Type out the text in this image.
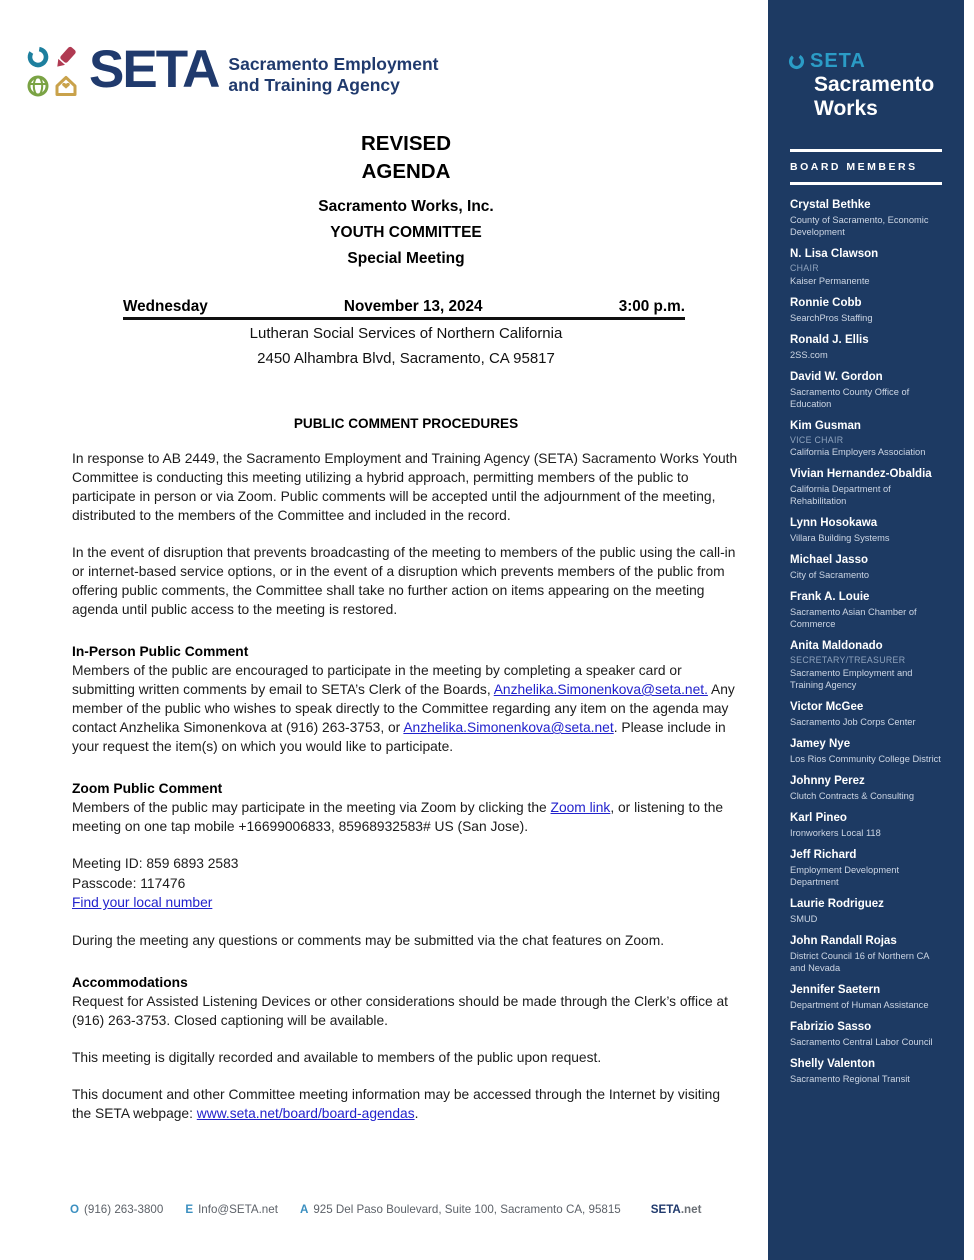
SETA Sacramento Employment
and Training Agency
REVISED
AGENDA
Sacramento Works, Inc.
YOUTH COMMITTEE
Special Meeting
Wednesday	November 13, 2024	3:00 p.m.
Lutheran Social Services of Northern California
2450 Alhambra Blvd, Sacramento, CA 95817
PUBLIC COMMENT PROCEDURES
In response to AB 2449, the Sacramento Employment and Training Agency (SETA) Sacramento Works Youth Committee is conducting this meeting utilizing a hybrid approach, permitting members of the public to participate in person or via Zoom. Public comments will be accepted until the adjournment of the meeting, distributed to the members of the Committee and included in the record.
In the event of disruption that prevents broadcasting of the meeting to members of the public using the call-in or internet-based service options, or in the event of a disruption which prevents members of the public from offering public comments, the Committee shall take no further action on items appearing on the meeting agenda until public access to the meeting is restored.
In-Person Public Comment
Members of the public are encouraged to participate in the meeting by completing a speaker card or submitting written comments by email to SETA’s Clerk of the Boards, Anzhelika.Simonenkova@seta.net. Any member of the public who wishes to speak directly to the Committee regarding any item on the agenda may contact Anzhelika Simonenkova at (916) 263-3753, or Anzhelika.Simonenkova@seta.net. Please include in your request the item(s) on which you would like to participate.
Zoom Public Comment
Members of the public may participate in the meeting via Zoom by clicking the Zoom link, or listening to the meeting on one tap mobile +16699006833, 85968932583# US (San Jose).
Meeting ID: 859 6893 2583
Passcode: 117476
Find your local number
During the meeting any questions or comments may be submitted via the chat features on Zoom.
Accommodations
Request for Assisted Listening Devices or other considerations should be made through the Clerk’s office at (916) 263-3753. Closed captioning will be available.
This meeting is digitally recorded and available to members of the public upon request.
This document and other Committee meeting information may be accessed through the Internet by visiting the SETA webpage: www.seta.net/board/board-agendas.
O (916) 263-3800 E Info@SETA.net A 925 Del Paso Boulevard, Suite 100, Sacramento CA, 95815	SETA.net
SETA
Sacramento
Works
BOARD MEMBERS
Crystal Bethke
County of Sacramento, Economic Development
N. Lisa Clawson
CHAIR
Kaiser Permanente
Ronnie Cobb
SearchPros Staffing
Ronald J. Ellis
2SS.com
David W. Gordon
Sacramento County Office of Education
Kim Gusman
VICE CHAIR
California Employers Association
Vivian Hernandez-Obaldia
California Department of Rehabilitation
Lynn Hosokawa
Villara Building Systems
Michael Jasso
City of Sacramento
Frank A. Louie
Sacramento Asian Chamber of Commerce
Anita Maldonado
SECRETARY/TREASURER
Sacramento Employment and Training Agency
Victor McGee
Sacramento Job Corps Center
Jamey Nye
Los Rios Community College District
Johnny Perez
Clutch Contracts & Consulting
Karl Pineo
Ironworkers Local 118
Jeff Richard
Employment Development Department
Laurie Rodriguez
SMUD
John Randall Rojas
District Council 16 of Northern CA and Nevada
Jennifer Saetern
Department of Human Assistance
Fabrizio Sasso
Sacramento Central Labor Council
Shelly Valenton
Sacramento Regional Transit
